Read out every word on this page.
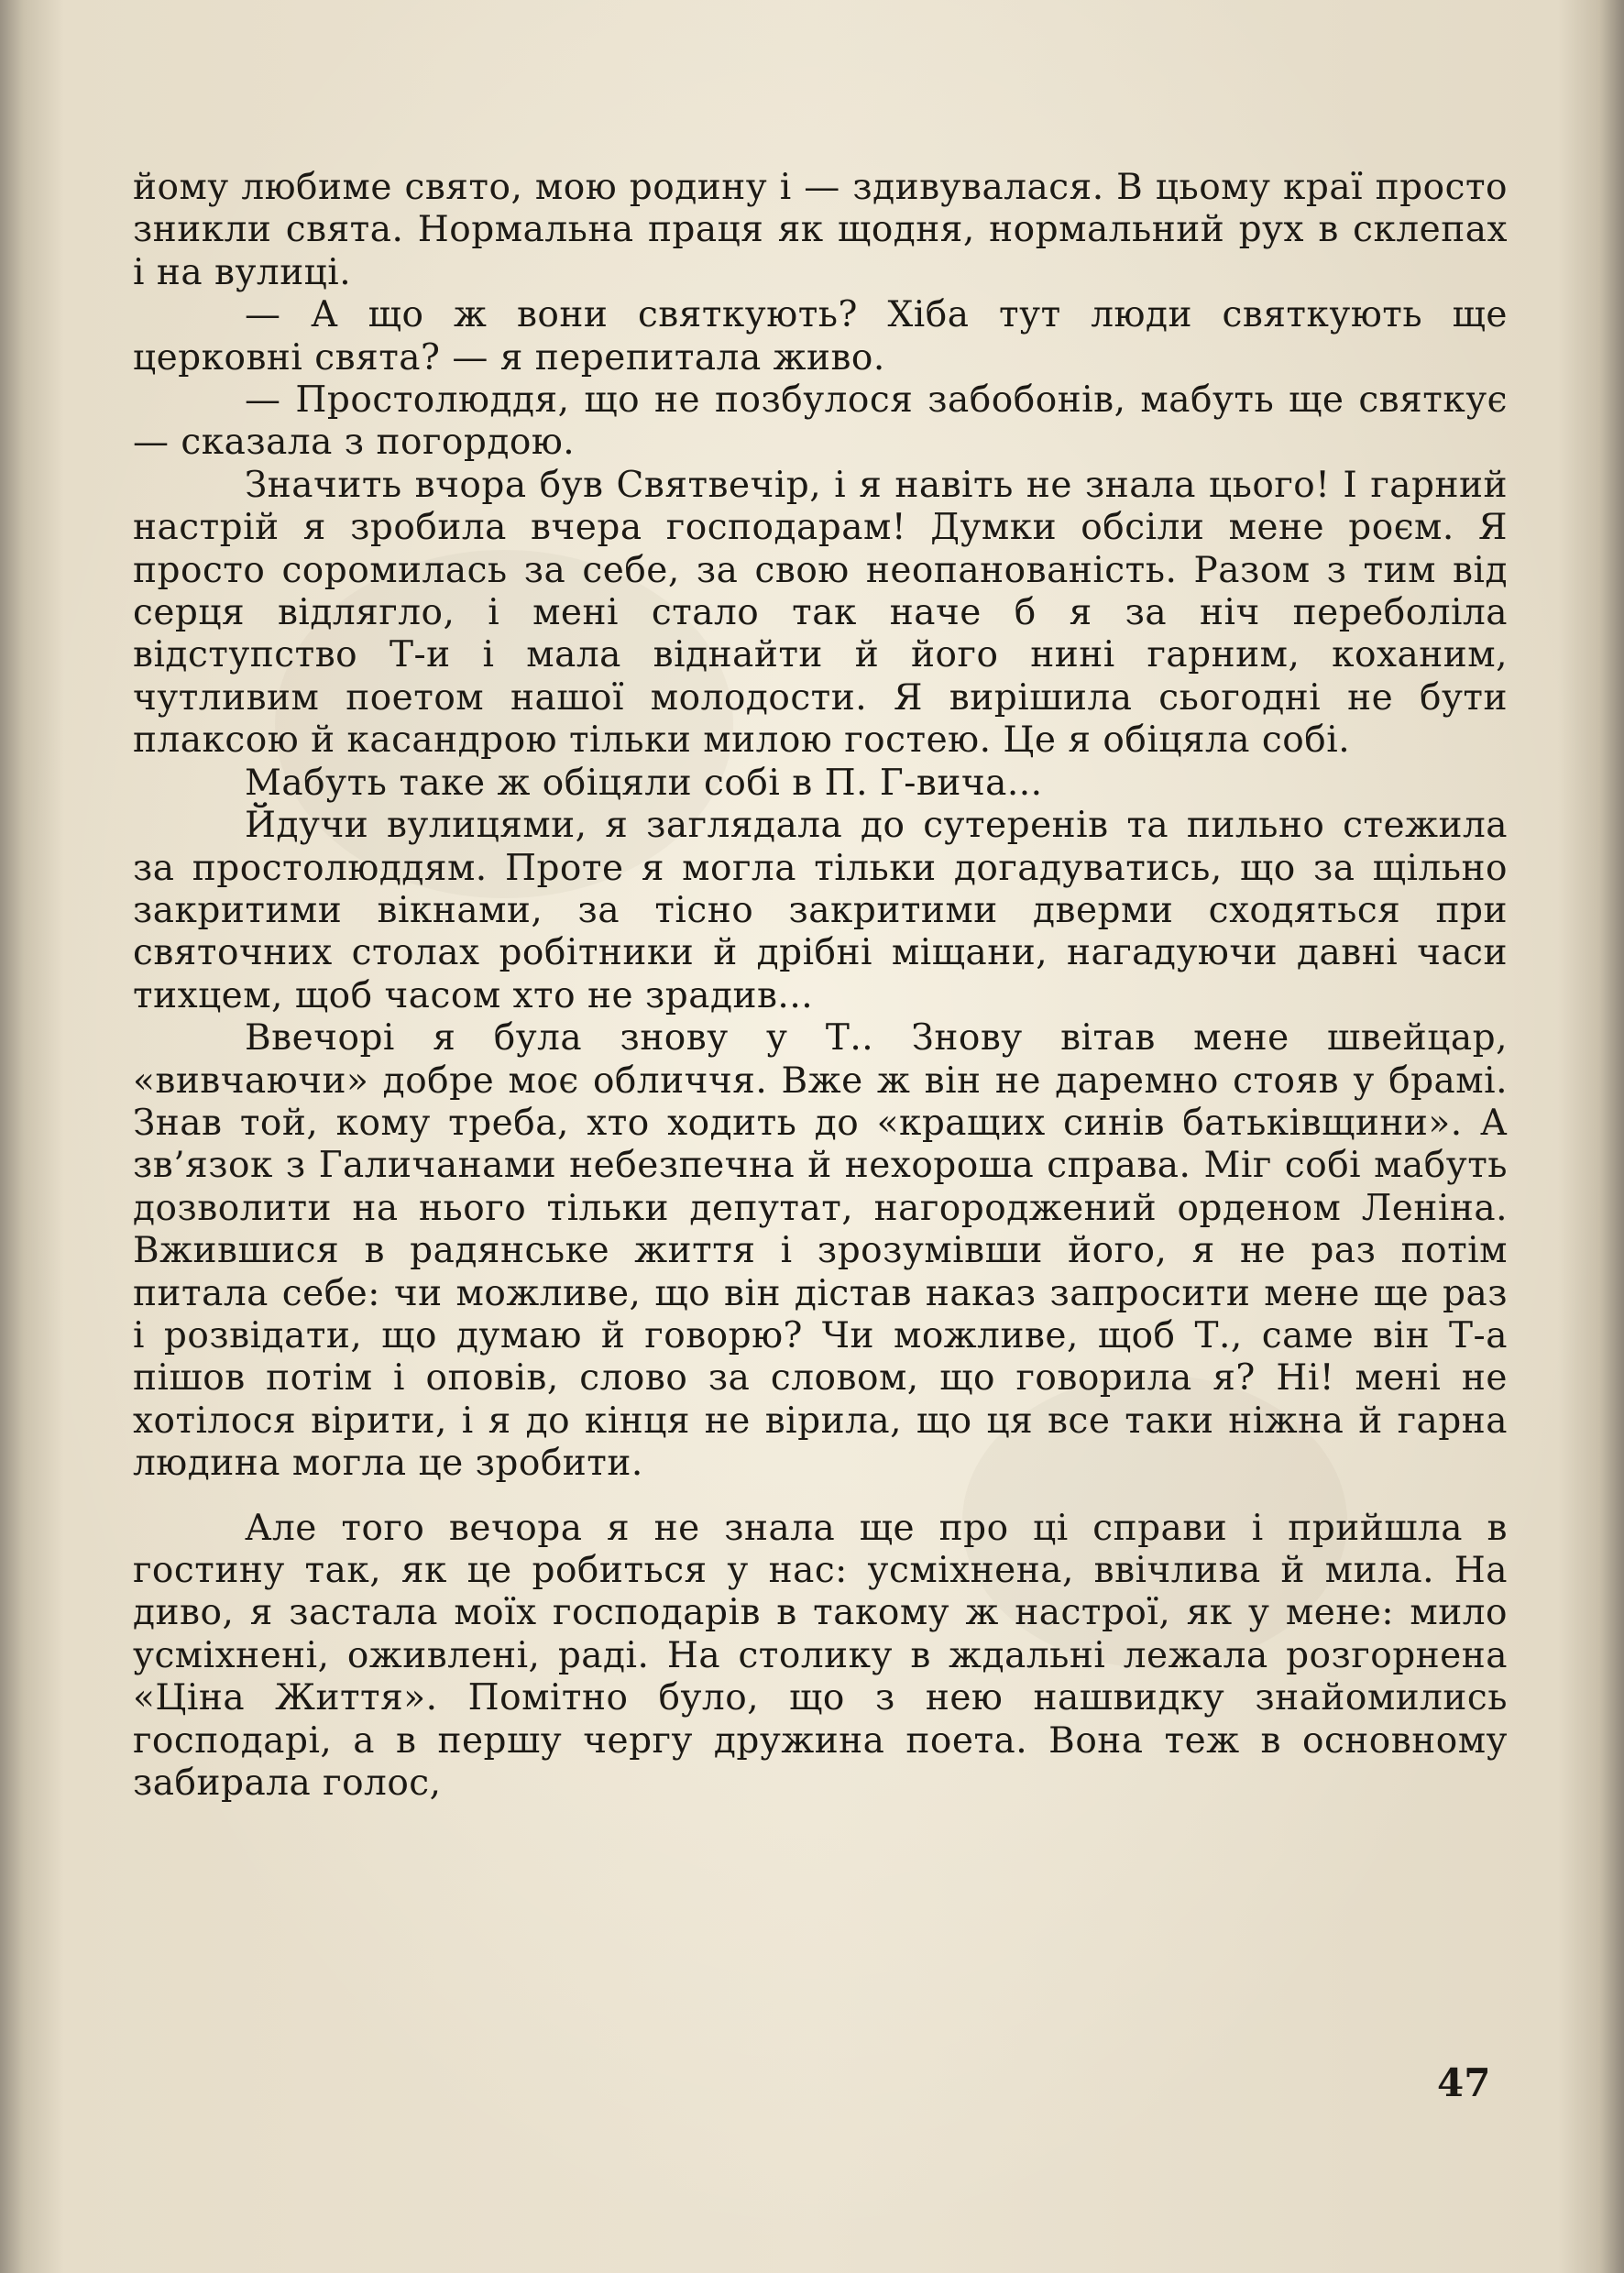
йому любиме свято, мою родину і — здивувалася. В цьому краї просто зникли свята. Нормальна праця як щодня, нормальний рух в склепах і на вулиці.

— А що ж вони святкують? Хіба тут люди святкують ще церковні свята? — я перепитала живо.

— Простолюддя, що не позбулося забобонів, мабуть ще святкує — сказала з погордою.

Значить вчора був Святвечір, і я навіть не знала цього! І гарний настрій я зробила вчера господарам! Думки обсіли мене роєм. Я просто соромилась за себе, за свою неопанованість. Разом з тим від серця відлягло, і мені стало так наче б я за ніч переболіла відступство Т-и і мала віднайти й його нині гарним, коханим, чутливим поетом нашої молодости. Я вирішила сьогодні не бути плаксою й касандрою тільки милою гостею. Це я обіцяла собі.

Мабуть таке ж обіцяли собі в П. Г-вича...

Йдучи вулицями, я заглядала до сутеренів та пильно стежила за простолюддям. Проте я могла тільки догадуватись, що за щільно закритими вікнами, за тісно закритими дверми сходяться при святочних столах робітники й дрібні міщани, нагадуючи давні часи тихцем, щоб часом хто не зрадив...

Ввечорі я була знову у Т.. Знову вітав мене швейцар, «вивчаючи» добре моє обличчя. Вже ж він не даремно стояв у брамі. Знав той, кому треба, хто ходить до «кращих синів батьківщини». А зв’язок з Галичанами небезпечна й нехороша справа. Міг собі мабуть дозволити на нього тільки депутат, нагороджений орденом Леніна. Вжившися в радянське життя і зрозумівши його, я не раз потім питала себе: чи можливе, що він дістав наказ запросити мене ще раз і розвідати, що думаю й говорю? Чи можливе, щоб Т., саме він Т-а пішов потім і оповів, слово за словом, що говорила я? Ні! мені не хотілося вірити, і я до кінця не вірила, що ця все таки ніжна й гарна людина могла це зробити.

Але того вечора я не знала ще про ці справи і прийшла в гостину так, як це робиться у нас: усміхнена, ввічлива й мила. На диво, я застала моїх господарів в такому ж настрої, як у мене: мило усміхнені, оживлені, раді. На столику в ждальні лежала розгорнена «Ціна Життя». Помітно було, що з нею нашвидку знайомились господарі, а в першу чергу дружина поета. Вона теж в основному забирала голос,

47
